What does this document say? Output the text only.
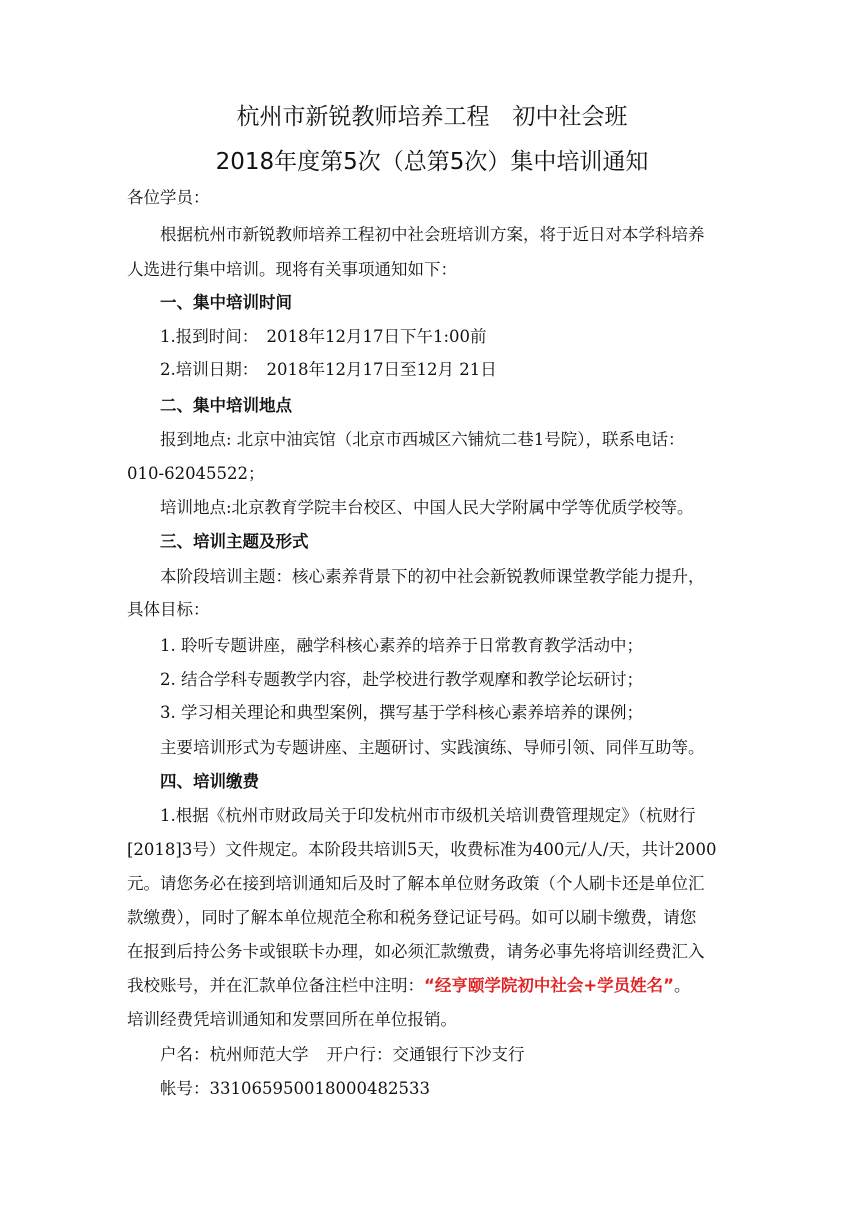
杭州市新锐教师培养工程　初中社会班
2018年度第5次（总第5次）集中培训通知
各位学员：
根据杭州市新锐教师培养工程初中社会班培训方案，将于近日对本学科培养
人选进行集中培训。现将有关事项通知如下：
一、集中培训时间
1.报到时间：　2018年12月17日下午1:00前
2.培训日期：　2018年12月17日至12月 21日
二、集中培训地点
报到地点: 北京中油宾馆（北京市西城区六铺炕二巷1号院），联系电话：
010-62045522；
培训地点:北京教育学院丰台校区、中国人民大学附属中学等优质学校等。
三、培训主题及形式
本阶段培训主题：核心素养背景下的初中社会新锐教师课堂教学能力提升，
具体目标：
1. 聆听专题讲座，融学科核心素养的培养于日常教育教学活动中；
2. 结合学科专题教学内容，赴学校进行教学观摩和教学论坛研讨；
3. 学习相关理论和典型案例，撰写基于学科核心素养培养的课例；
主要培训形式为专题讲座、主题研讨、实践演练、导师引领、同伴互助等。
四、培训缴费
1.根据《杭州市财政局关于印发杭州市市级机关培训费管理规定》（杭财行
[2018]3号）文件规定。本阶段共培训5天，收费标准为400元/人/天，共计2000
元。请您务必在接到培训通知后及时了解本单位财务政策（个人刷卡还是单位汇
款缴费），同时了解本单位规范全称和税务登记证号码。如可以刷卡缴费，请您
在报到后持公务卡或银联卡办理，如必须汇款缴费，请务必事先将培训经费汇入
我校账号，并在汇款单位备注栏中注明：“经亨颐学院初中社会+学员姓名”。
培训经费凭培训通知和发票回所在单位报销。
户名：杭州师范大学 开户行：交通银行下沙支行
帐号：33106595001800048253​3
